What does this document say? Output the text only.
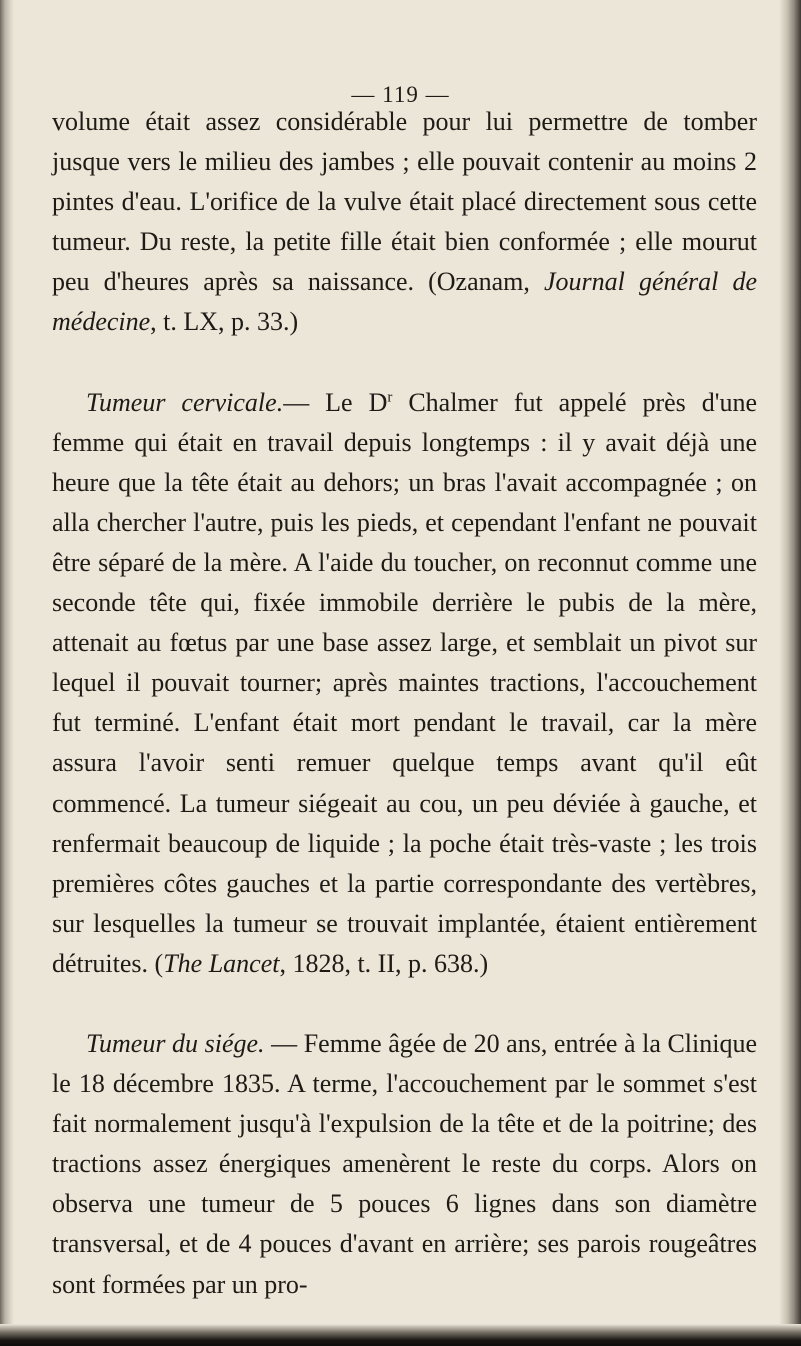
— 119 —

volume était assez considérable pour lui permettre de tomber jusque vers le milieu des jambes ; elle pouvait contenir au moins 2 pintes d'eau. L'orifice de la vulve était placé directement sous cette tumeur. Du reste, la petite fille était bien conformée ; elle mourut peu d'heures après sa naissance. (Ozanam, Journal général de médecine, t. LX, p. 33.)

Tumeur cervicale.— Le $D^r$ Chalmer fut appelé près d'une femme qui était en travail depuis longtemps : il y avait déjà une heure que la tête était au dehors; un bras l'avait accompagnée ; on alla chercher l'autre, puis les pieds, et cependant l'enfant ne pouvait être séparé de la mère. A l'aide du toucher, on reconnut comme une seconde tête qui, fixée immobile derrière le pubis de la mère, attenait au fœtus par une base assez large, et semblait un pivot sur lequel il pouvait tourner; après maintes tractions, l'accouchement fut terminé. L'enfant était mort pendant le travail, car la mère assura l'avoir senti remuer quelque temps avant qu'il eût commencé. La tumeur siégeait au cou, un peu déviée à gauche, et renfermait beaucoup de liquide ; la poche était très-vaste ; les trois premières côtes gauches et la partie correspondante des vertèbres, sur lesquelles la tumeur se trouvait implantée, étaient entièrement détruites. (The Lancet, 1828, t. II, p. 638.)

Tumeur du siége. — Femme âgée de 20 ans, entrée à la Clinique le 18 décembre 1835. A terme, l'accouchement par le sommet s'est fait normalement jusqu'à l'expulsion de la tête et de la poitrine; des tractions assez énergiques amenèrent le reste du corps. Alors on observa une tumeur de 5 pouces 6 lignes dans son diamètre transversal, et de 4 pouces d'avant en arrière; ses parois rougeâtres sont formées par un pro-
